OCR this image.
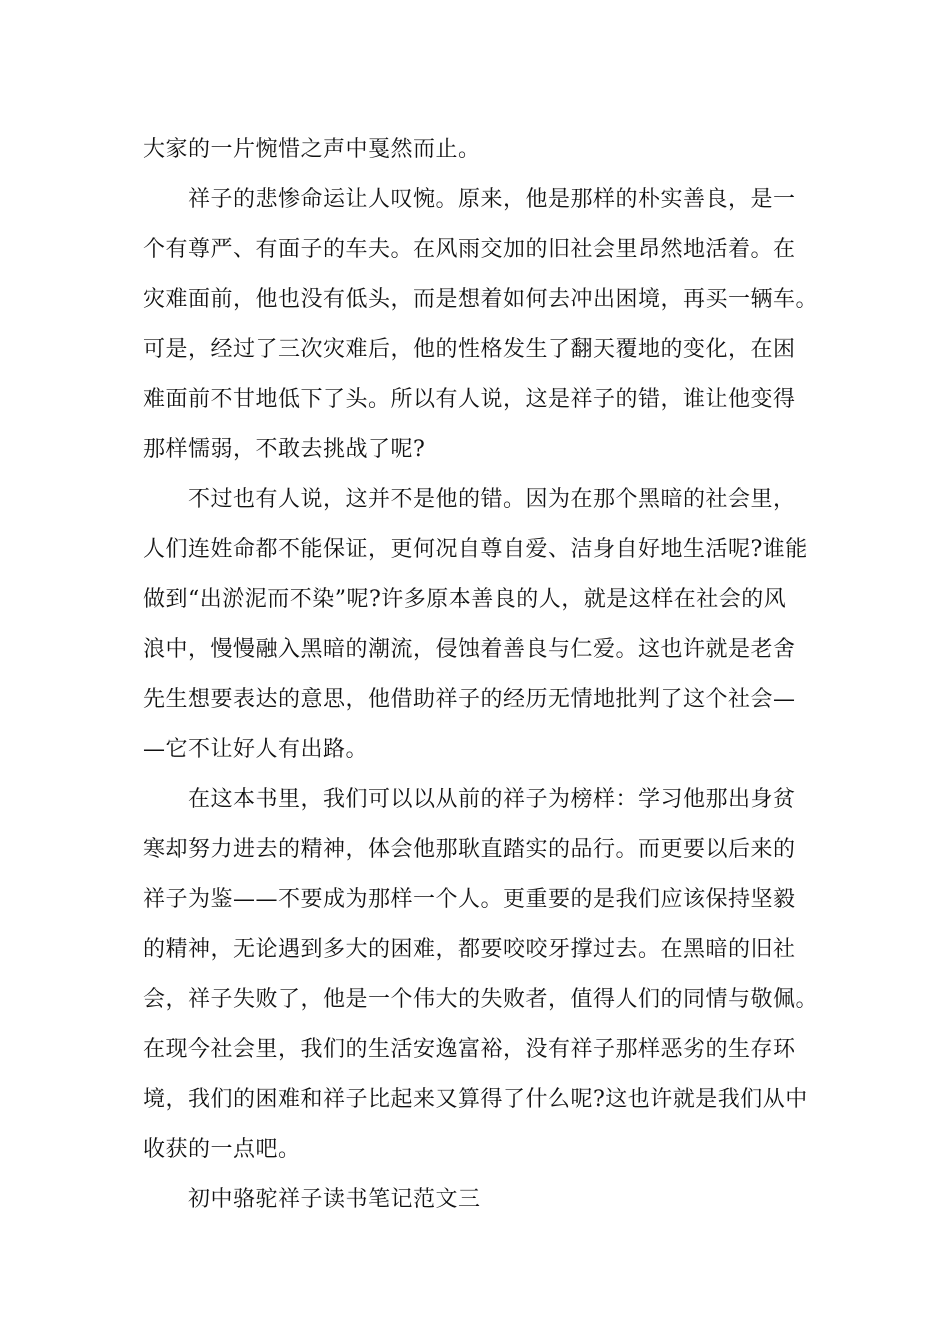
大家的一片惋惜之声中戛然而止。
祥子的悲惨命运让人叹惋。原来，他是那样的朴实善良，是一
个有尊严、有面子的车夫。在风雨交加的旧社会里昂然地活着。在
灾难面前，他也没有低头，而是想着如何去冲出困境，再买一辆车。
可是，经过了三次灾难后，他的性格发生了翻天覆地的变化，在困
难面前不甘地低下了头。所以有人说，这是祥子的错，谁让他变得
那样懦弱，不敢去挑战了呢?
不过也有人说，这并不是他的错。因为在那个黑暗的社会里，
人们连姓命都不能保证，更何况自尊自爱、洁身自好地生活呢?谁能
做到“出淤泥而不染”呢?许多原本善良的人，就是这样在社会的风
浪中，慢慢融入黑暗的潮流，侵蚀着善良与仁爱。这也许就是老舍
先生想要表达的意思，他借助祥子的经历无情地批判了这个社会—
—它不让好人有出路。
在这本书里，我们可以以从前的祥子为榜样：学习他那出身贫
寒却努力进去的精神，体会他那耿直踏实的品行。而更要以后来的
祥子为鉴——不要成为那样一个人。更重要的是我们应该保持坚毅
的精神，无论遇到多大的困难，都要咬咬牙撑过去。在黑暗的旧社
会，祥子失败了，他是一个伟大的失败者，值得人们的同情与敬佩。
在现今社会里，我们的生活安逸富裕，没有祥子那样恶劣的生存环
境，我们的困难和祥子比起来又算得了什么呢?这也许就是我们从中
收获的一点吧。
初中骆驼祥子读书笔记范文三
